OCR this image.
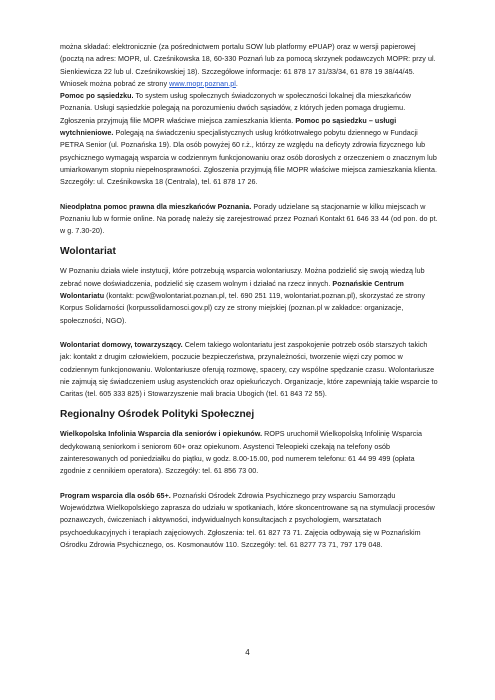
można składać: elektronicznie (za pośrednictwem portalu SOW lub platformy ePUAP) oraz w wersji papierowej (pocztą na adres: MOPR, ul. Cześnikowska 18, 60-330 Poznań lub za pomocą skrzynek podawczych MOPR: przy ul. Sienkiewicza 22 lub ul. Cześnikowskiej 18). Szczegółowe informacje: 61 878 17 31/33/34, 61 878 19 38/44/45. Wniosek można pobrać ze strony www.mopr.poznan.pl.

Pomoc po sąsiedzku. To system usług społecznych świadczonych w społeczności lokalnej dla mieszkańców Poznania. Usługi sąsiedzkie polegają na porozumieniu dwóch sąsiadów, z których jeden pomaga drugiemu. Zgłoszenia przyjmują filie MOPR właściwe miejsca zamieszkania klienta. Pomoc po sąsiedzku – usługi wytchnieniowe. Polegają na świadczeniu specjalistycznych usług krótkotrwałego pobytu dziennego w Fundacji PETRA Senior (ul. Poznańska 19). Dla osób powyżej 60 r.ż., którzy ze względu na deficyty zdrowia fizycznego lub psychicznego wymagają wsparcia w codziennym funkcjonowaniu oraz osób dorosłych z orzeczeniem o znacznym lub umiarkowanym stopniu niepełnosprawności. Zgłoszenia przyjmują filie MOPR właściwe miejsca zamieszkania klienta. Szczegóły: ul. Cześnikowska 18 (Centrala), tel. 61 878 17 26.

Nieodpłatna pomoc prawna dla mieszkańców Poznania. Porady udzielane są stacjonarnie w kilku miejscach w Poznaniu lub w formie online. Na poradę należy się zarejestrować przez Poznań Kontakt 61 646 33 44 (od pon. do pt. w g. 7.30-20).

Wolontariat

W Poznaniu działa wiele instytucji, które potrzebują wsparcia wolontariuszy. Można podzielić się swoją wiedzą lub zebrać nowe doświadczenia, podzielić się czasem wolnym i działać na rzecz innych. Poznańskie Centrum Wolontariatu (kontakt: pcw@wolontariat.poznan.pl, tel. 690 251 119, wolontariat.poznan.pl), skorzystać ze strony Korpus Solidarności (korpussolidarnosci.gov.pl) czy ze strony miejskiej (poznan.pl w zakładce: organizacje, społeczności, NGO).

Wolontariat domowy, towarzyszący. Celem takiego wolontariatu jest zaspokojenie potrzeb osób starszych takich jak: kontakt z drugim człowiekiem, poczucie bezpieczeństwa, przynależności, tworzenie więzi czy pomoc w codziennym funkcjonowaniu. Wolontariusze oferują rozmowę, spacery, czy wspólne spędzanie czasu. Wolontariusze nie zajmują się świadczeniem usług asystenckich oraz opiekuńczych. Organizacje, które zapewniają takie wsparcie to Caritas (tel. 605 333 825) i Stowarzyszenie mali bracia Ubogich (tel. 61 843 72 55).

Regionalny Ośrodek Polityki Społecznej

Wielkopolska Infolinia Wsparcia dla seniorów i opiekunów. ROPS uruchomił Wielkopolską Infolinię Wsparcia dedykowaną seniorkom i seniorom 60+ oraz opiekunom. Asystenci Teleopieki czekają na telefony osób zainteresowanych od poniedziałku do piątku, w godz. 8.00-15.00, pod numerem telefonu: 61 44 99 499 (opłata zgodnie z cennikiem operatora). Szczegóły: tel. 61 856 73 00.

Program wsparcia dla osób 65+. Poznański Ośrodek Zdrowia Psychicznego przy wsparciu Samorządu Województwa Wielkopolskiego zaprasza do udziału w spotkaniach, które skoncentrowane są na stymulacji procesów poznawczych, ćwiczeniach i aktywności, indywidualnych konsultacjach z psychologiem, warsztatach psychoedukacyjnych i terapiach zajęciowych. Zgłoszenia: tel. 61 827 73 71. Zajęcia odbywają się w Poznańskim Ośrodku Zdrowia Psychicznego, os. Kosmonautów 110. Szczegóły: tel. 61 8277 73 71, 797 179 048.

4
